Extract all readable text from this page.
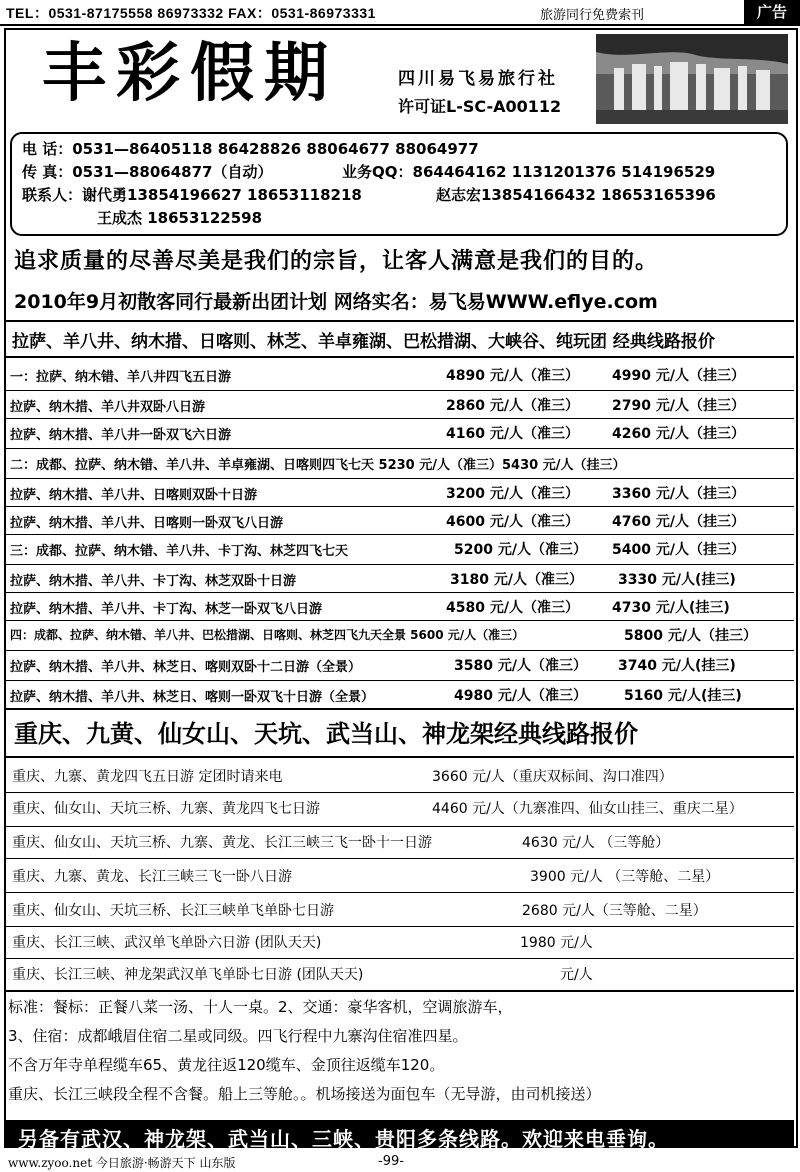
TEL：0531-87175558 86973332 FAX：0531-86973331	旅游同行免费索刊	广告
丰彩假期	四川易飞易旅行社
许可证L-SC-A00112
电 话：0531—86405118 86428826 88064677 88064977
传 真：0531—88064877（自动）	业务QQ：864464162 1131201376 514196529
联系人：谢代勇13854196627 18653118218	赵志宏13854166432 18653165396
王成杰 18653122598
追求质量的尽善尽美是我们的宗旨，让客人满意是我们的目的。
2010年9月初散客同行最新出团计划 网络实名：易飞易WWW.eflye.com
拉萨、羊八井、纳木措、日喀则、林芝、羊卓雍湖、巴松措湖、大峡谷、纯玩团 经典线路报价
一：拉萨、纳木错、羊八井四飞五日游	4890 元/人（准三） 4990 元/人（挂三）
拉萨、纳木措、羊八井双卧八日游	2860 元/人（准三） 2790 元/人（挂三）
拉萨、纳木措、羊八井一卧双飞六日游	4160 元/人（准三） 4260 元/人（挂三）
二：成都、拉萨、纳木错、羊八井、羊卓雍湖、日喀则四飞七天 5230 元/人（准三）5430 元/人（挂三）
拉萨、纳木措、羊八井、日喀则双卧十日游	3200 元/人（准三） 3360 元/人（挂三）
拉萨、纳木措、羊八井、日喀则一卧双飞八日游	4600 元/人（准三） 4760 元/人（挂三）
三：成都、拉萨、纳木错、羊八井、卡丁沟、林芝四飞七天	5200 元/人（准三） 5400 元/人（挂三）
拉萨、纳木措、羊八井、卡丁沟、林芝双卧十日游	3180 元/人（准三）	3330 元/人(挂三)
拉萨、纳木措、羊八井、卡丁沟、林芝一卧双飞八日游	4580 元/人（准三） 4730 元/人(挂三)
四：成都、拉萨、纳木错、羊八井、巴松措湖、日喀则、林芝四飞九天全景 5600 元/人（准三）	5800 元/人（挂三）
拉萨、纳木措、羊八井、林芝日、喀则双卧十二日游（全景）	3580 元/人（准三） 3740 元/人(挂三)
拉萨、纳木措、羊八井、林芝日、喀则一卧双飞十日游（全景）	4980 元/人（准三）	5160 元/人(挂三)
重庆、九黄、仙女山、天坑、武当山、神龙架经典线路报价
重庆、九寨、黄龙四飞五日游 定团时请来电	3660 元/人（重庆双标间、沟口准四）
重庆、仙女山、天坑三桥、九寨、黄龙四飞七日游	4460 元/人（九寨准四、仙女山挂三、重庆二星）
重庆、仙女山、天坑三桥、九寨、黄龙、长江三峡三飞一卧十一日游	4630 元/人 （三等舱）
重庆、九寨、黄龙、长江三峡三飞一卧八日游	3900 元/人 （三等舱、二星）
重庆、仙女山、天坑三桥、长江三峡单飞单卧七日游	2680 元/人（三等舱、二星）
重庆、长江三峡、武汉单飞单卧六日游 (团队天天)	1980 元/人
重庆、长江三峡、神龙架武汉单飞单卧七日游 (团队天天)	元/人
标准：餐标：正餐八菜一汤、十人一桌。2、交通：豪华客机，空调旅游车，
3、住宿：成都峨眉住宿二星或同级。四飞行程中九寨沟住宿准四星。
不含万年寺单程缆车65、黄龙往返120缆车、金顶往返缆车120。
重庆、长江三峡段全程不含餐。船上三等舱。。机场接送为面包车（无导游，由司机接送）
另备有武汉、神龙架、武当山、三峡、贵阳多条线路。欢迎来电垂询。
www.zyoo.net 今日旅游·畅游天下 山东版	-99-
